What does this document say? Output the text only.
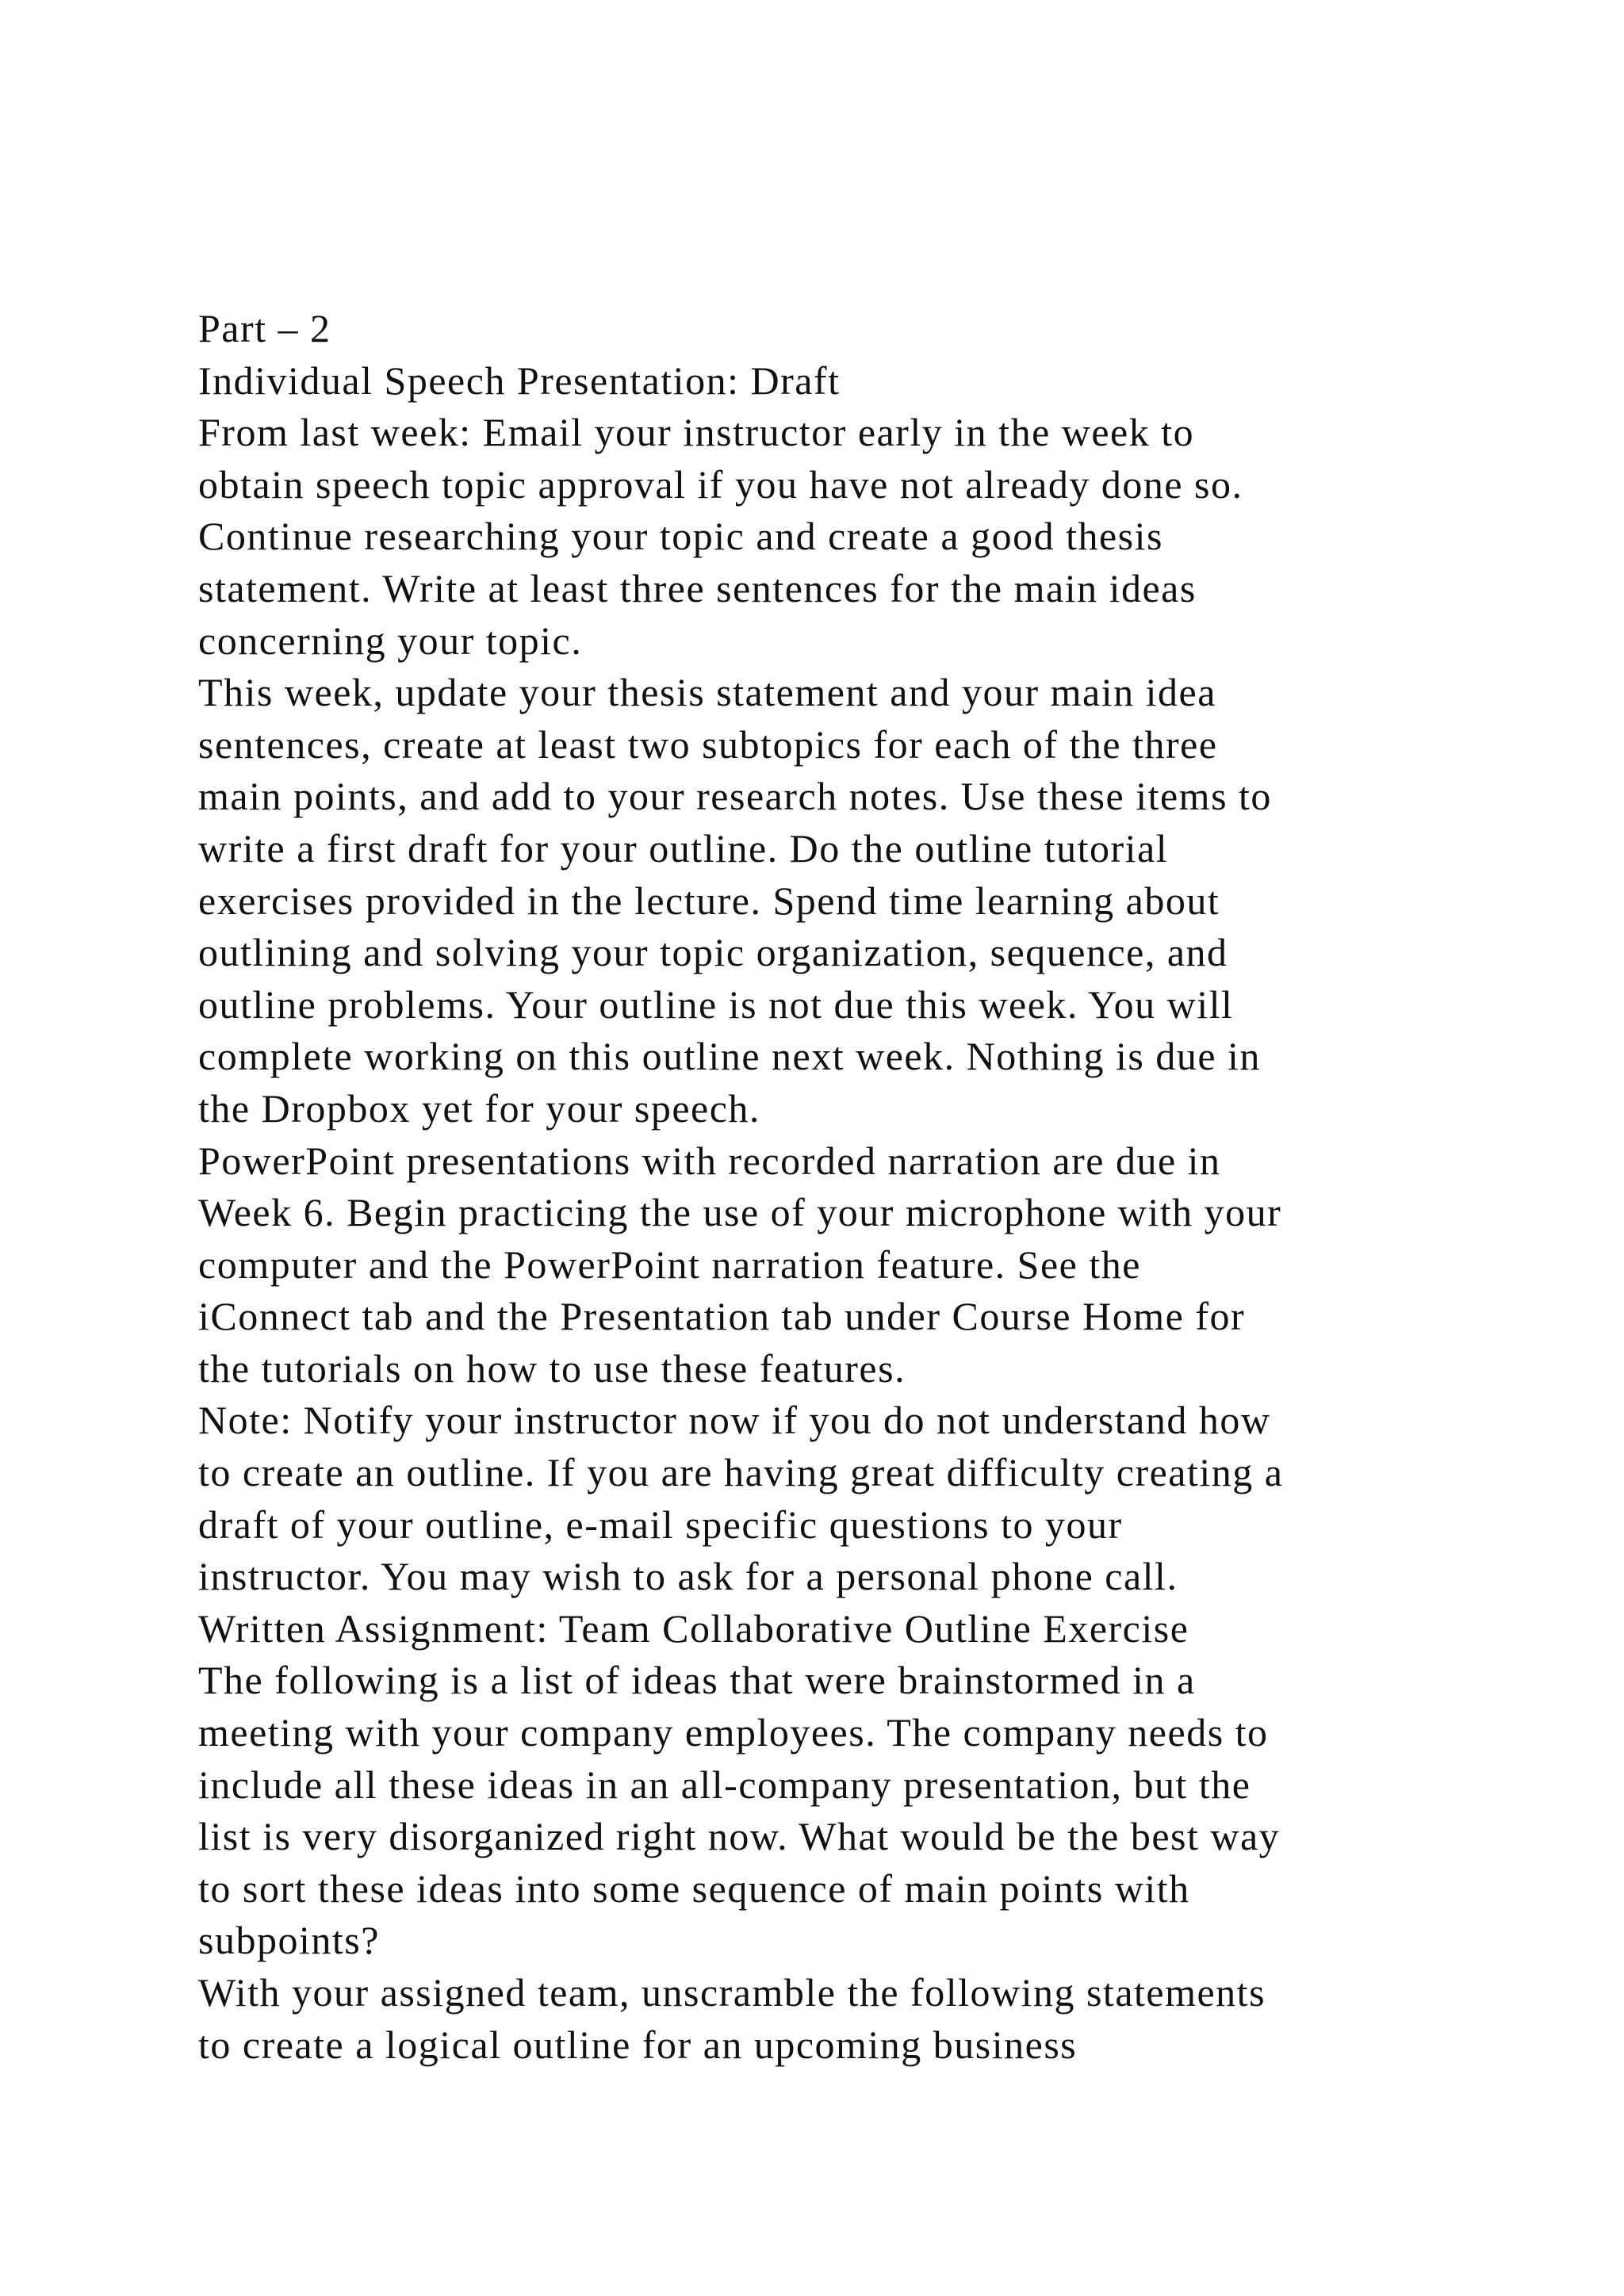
Part – 2
Individual Speech Presentation: Draft
From last week: Email your instructor early in the week to
obtain speech topic approval if you have not already done so.
Continue researching your topic and create a good thesis
statement. Write at least three sentences for the main ideas
concerning your topic.
This week, update your thesis statement and your main idea
sentences, create at least two subtopics for each of the three
main points, and add to your research notes. Use these items to
write a first draft for your outline. Do the outline tutorial
exercises provided in the lecture. Spend time learning about
outlining and solving your topic organization, sequence, and
outline problems. Your outline is not due this week. You will
complete working on this outline next week. Nothing is due in
the Dropbox yet for your speech.
PowerPoint presentations with recorded narration are due in
Week 6. Begin practicing the use of your microphone with your
computer and the PowerPoint narration feature. See the
iConnect tab and the Presentation tab under Course Home for
the tutorials on how to use these features.
Note: Notify your instructor now if you do not understand how
to create an outline. If you are having great difficulty creating a
draft of your outline, e-mail specific questions to your
instructor. You may wish to ask for a personal phone call.
Written Assignment: Team Collaborative Outline Exercise
The following is a list of ideas that were brainstormed in a
meeting with your company employees. The company needs to
include all these ideas in an all-company presentation, but the
list is very disorganized right now. What would be the best way
to sort these ideas into some sequence of main points with
subpoints?
With your assigned team, unscramble the following statements
to create a logical outline for an upcoming business
